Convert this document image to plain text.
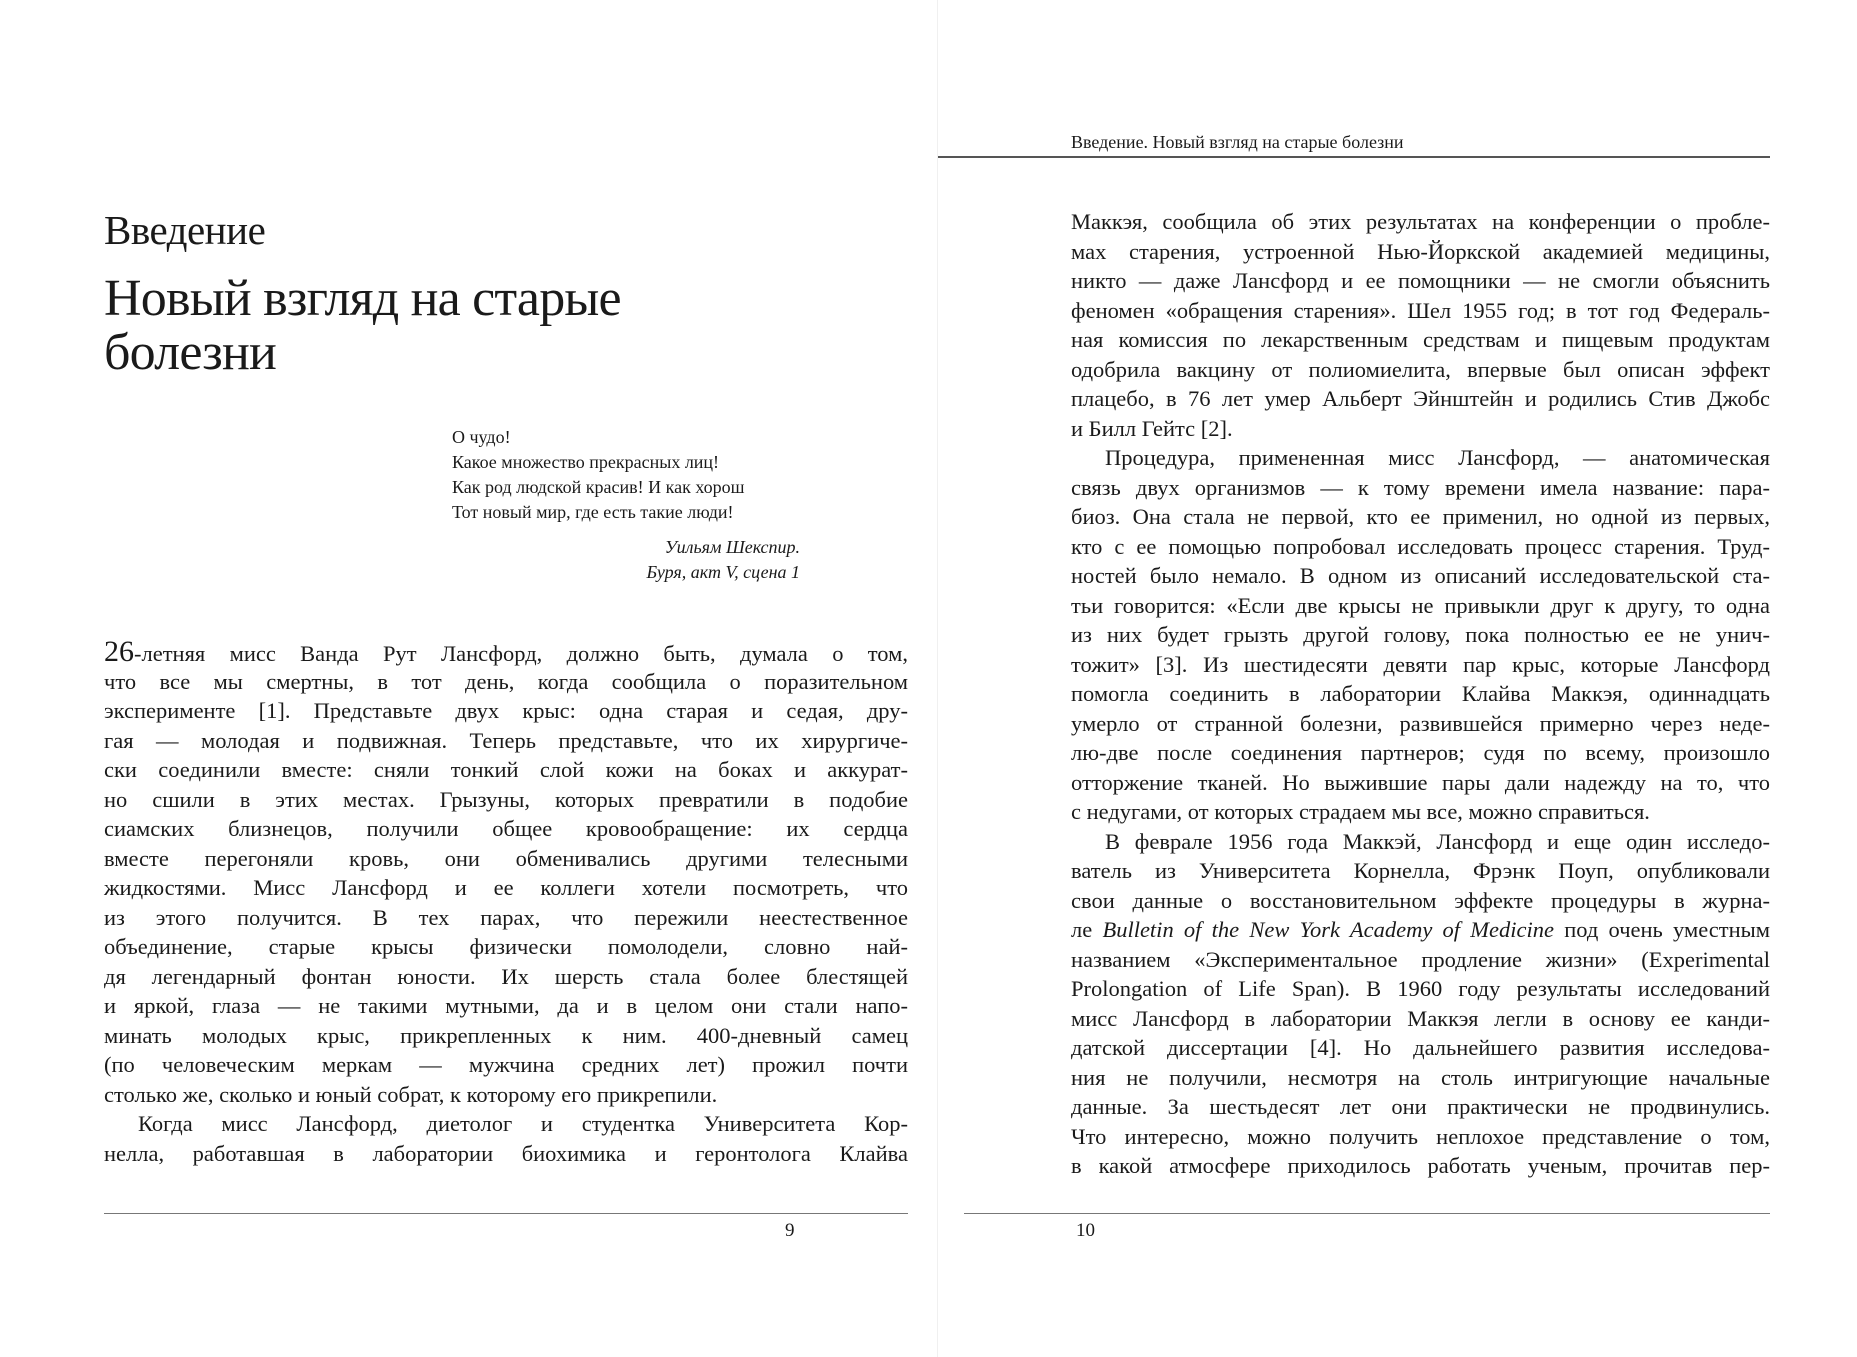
Введение
Новый взгляд на старые болезни
О чудо!
Какое множество прекрасных лиц!
Как род людской красив! И как хорош
Тот новый мир, где есть такие люди!
Уильям Шекспир.
Буря, акт V, сцена 1
26-летняя мисс Ванда Рут Лансфорд, должно быть, думала о том,
что все мы смертны, в тот день, когда сообщила о поразительном
эксперименте [1]. Представьте двух крыс: одна старая и седая, дру-
гая — молодая и подвижная. Теперь представьте, что их хирургиче-
ски соединили вместе: сняли тонкий слой кожи на боках и аккурат-
но сшили в этих местах. Грызуны, которых превратили в подобие
сиамских близнецов, получили общее кровообращение: их сердца
вместе перегоняли кровь, они обменивались другими телесными
жидкостями. Мисс Лансфорд и ее коллеги хотели посмотреть, что
из этого получится. В тех парах, что пережили неестественное
объединение, старые крысы физически помолодели, словно най-
дя легендарный фонтан юности. Их шерсть стала более блестящей
и яркой, глаза — не такими мутными, да и в целом они стали напо-
минать молодых крыс, прикрепленных к ним. 400-дневный самец
(по человеческим меркам — мужчина средних лет) прожил почти
столько же, сколько и юный собрат, к которому его прикрепили.
Когда мисс Лансфорд, диетолог и студентка Университета Кор-
нелла, работавшая в лаборатории биохимика и геронтолога Клайва
9
Введение. Новый взгляд на старые болезни
Маккэя, сообщила об этих результатах на конференции о пробле-
мах старения, устроенной Нью-Йоркской академией медицины,
никто — даже Лансфорд и ее помощники — не смогли объяснить
феномен «обращения старения». Шел 1955 год; в тот год Федераль-
ная комиссия по лекарственным средствам и пищевым продуктам
одобрила вакцину от полиомиелита, впервые был описан эффект
плацебо, в 76 лет умер Альберт Эйнштейн и родились Стив Джобс
и Билл Гейтс [2].
Процедура, примененная мисс Лансфорд, — анатомическая
связь двух организмов — к тому времени имела название: пара-
биоз. Она стала не первой, кто ее применил, но одной из первых,
кто с ее помощью попробовал исследовать процесс старения. Труд-
ностей было немало. В одном из описаний исследовательской ста-
тьи говорится: «Если две крысы не привыкли друг к другу, то одна
из них будет грызть другой голову, пока полностью ее не унич-
тожит» [3]. Из шестидесяти девяти пар крыс, которые Лансфорд
помогла соединить в лаборатории Клайва Маккэя, одиннадцать
умерло от странной болезни, развившейся примерно через неде-
лю-две после соединения партнеров; судя по всему, произошло
отторжение тканей. Но выжившие пары дали надежду на то, что
с недугами, от которых страдаем мы все, можно справиться.
В феврале 1956 года Маккэй, Лансфорд и еще один исследо-
ватель из Университета Корнелла, Фрэнк Поуп, опубликовали
свои данные о восстановительном эффекте процедуры в журна-
ле Bulletin of the New York Academy of Medicine под очень уместным
названием «Экспериментальное продление жизни» (Experimental
Prolongation of Life Span). В 1960 году результаты исследований
мисс Лансфорд в лаборатории Маккэя легли в основу ее канди-
датской диссертации [4]. Но дальнейшего развития исследова-
ния не получили, несмотря на столь интригующие начальные
данные. За шестьдесят лет они практически не продвинулись.
Что интересно, можно получить неплохое представление о том,
в какой атмосфере приходилось работать ученым, прочитав пер-
10
